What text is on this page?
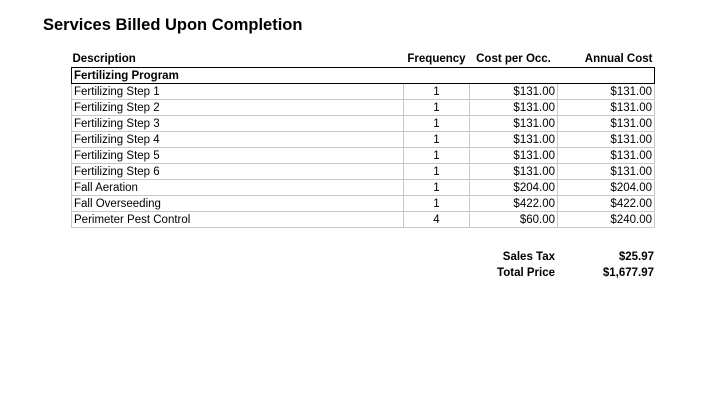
Services Billed Upon Completion
Description	Frequency	Cost per Occ.	Annual Cost
Fertilizing Program			
Fertilizing Step 1	1	$131.00	$131.00
Fertilizing Step 2	1	$131.00	$131.00
Fertilizing Step 3	1	$131.00	$131.00
Fertilizing Step 4	1	$131.00	$131.00
Fertilizing Step 5	1	$131.00	$131.00
Fertilizing Step 6	1	$131.00	$131.00
Fall Aeration	1	$204.00	$204.00
Fall Overseeding	1	$422.00	$422.00
Perimeter Pest Control	4	$60.00	$240.00
Sales Tax	$25.97
Total Price	$1,677.97
